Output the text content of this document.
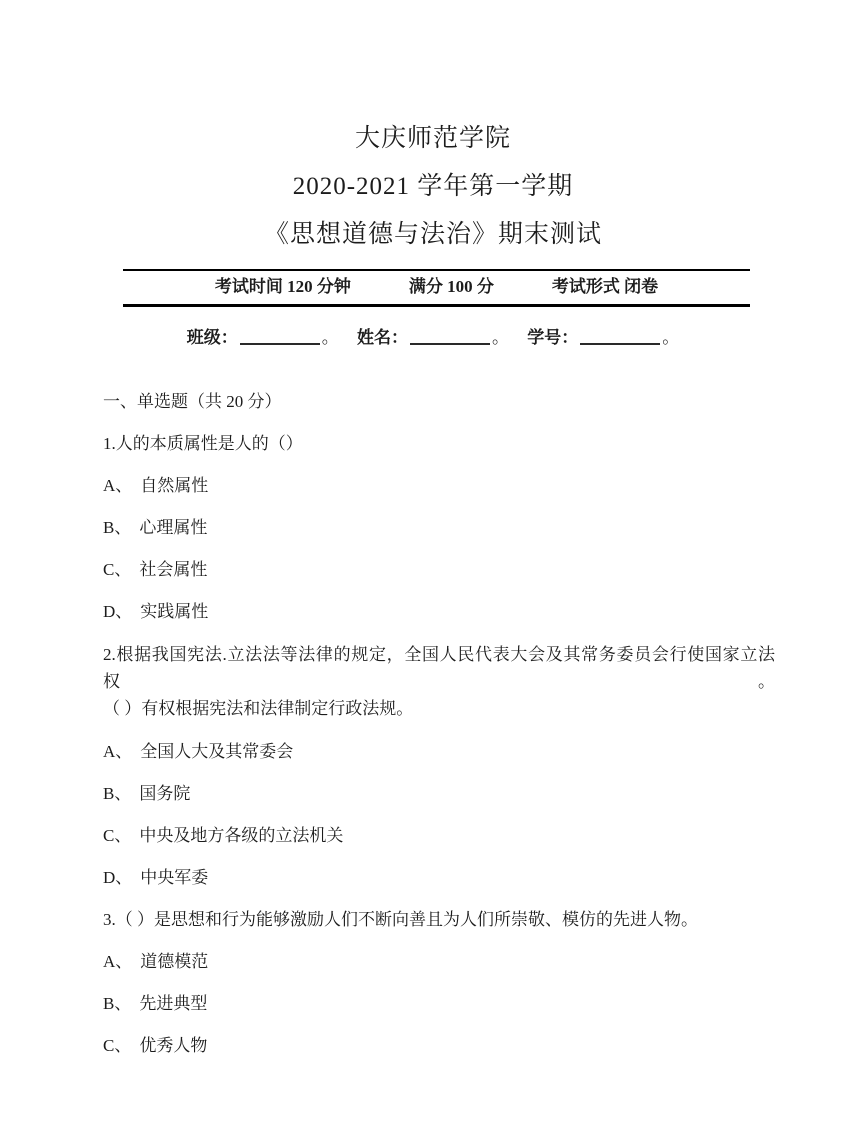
大庆师范学院
2020-2021 学年第一学期
《思想道德与法治》期末测试
考试时间 120 分钟	满分 100 分	考试形式 闭卷
班级：	。 姓名：	。 学号：	。
一、单选题（共 20 分）
1.人的本质属性是人的（）
A、 自然属性
B、 心理属性
C、 社会属性
D、 实践属性
2.根据我国宪法.立法法等法律的规定，全国人民代表大会及其常务委员会行使国家立法权。
（ ）有权根据宪法和法律制定行政法规。
A、 全国人大及其常委会
B、 国务院
C、 中央及地方各级的立法机关
D、 中央军委
3.（ ）是思想和行为能够激励人们不断向善且为人们所崇敬、模仿的先进人物。
A、 道德模范
B、 先进典型
C、 优秀人物
